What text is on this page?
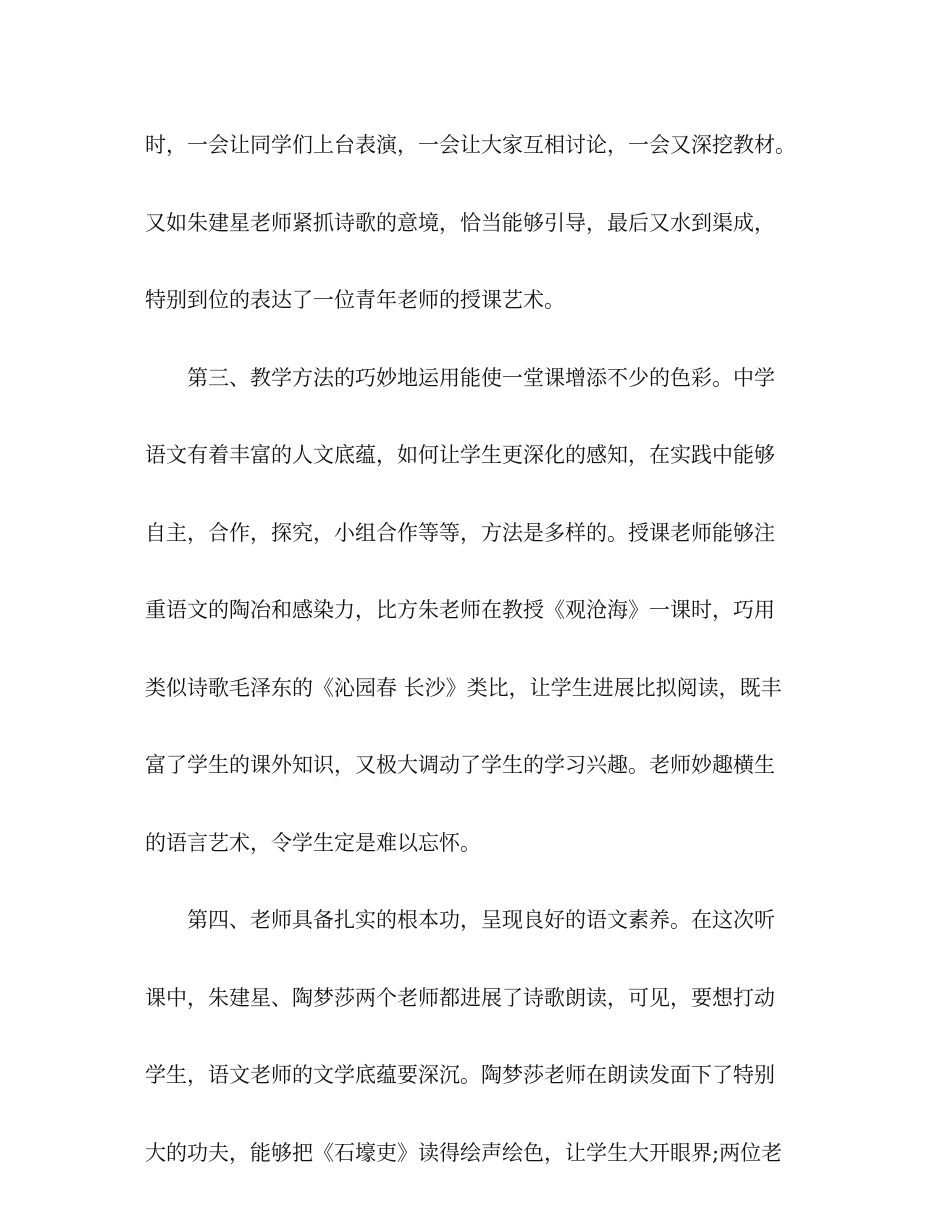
时，一会让同学们上台表演，一会让大家互相讨论，一会又深挖教材。
又如朱建星老师紧抓诗歌的意境，恰当能够引导，最后又水到渠成，
特别到位的表达了一位青年老师的授课艺术。
第三、教学方法的巧妙地运用能使一堂课增添不少的色彩。中学
语文有着丰富的人文底蕴，如何让学生更深化的感知，在实践中能够
自主，合作，探究，小组合作等等，方法是多样的。授课老师能够注
重语文的陶冶和感染力，比方朱老师在教授《观沧海》一课时，巧用
类似诗歌毛泽东的《沁园春 长沙》类比，让学生进展比拟阅读，既丰
富了学生的课外知识，又极大调动了学生的学习兴趣。老师妙趣横生
的语言艺术，令学生定是难以忘怀。
第四、老师具备扎实的根本功，呈现良好的语文素养。在这次听
课中，朱建星、陶梦莎两个老师都进展了诗歌朗读，可见，要想打动
学生，语文老师的文学底蕴要深沉。陶梦莎老师在朗读发面下了特别
大的功夫，能够把《石壕吏》读得绘声绘色，让学生大开眼界;两位老
